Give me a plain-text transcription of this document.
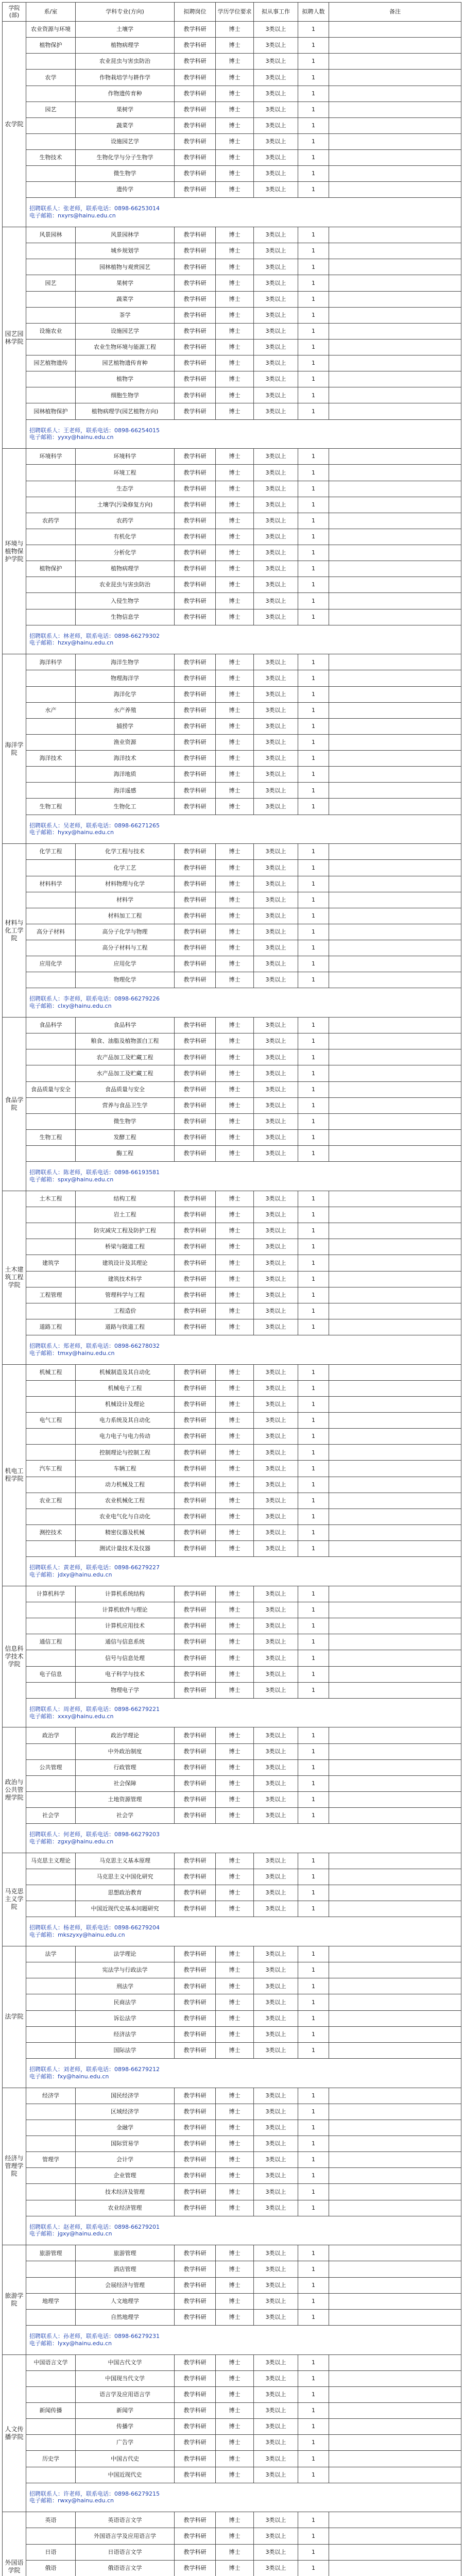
学院(部)	系/室	学科专业(方向)	拟聘岗位	学历学位要求	拟从事工作	拟聘人数	备注
农学院	农业资源与环境	土壤学	教学科研	博士	3类以上	1	
	植物保护	植物病理学	教学科研	博士	3类以上	1	
		农业昆虫与害虫防治	教学科研	博士	3类以上	1	
	农学	作物栽培学与耕作学	教学科研	博士	3类以上	1	
		作物遗传育种	教学科研	博士	3类以上	1	
	园艺	果树学	教学科研	博士	3类以上	1	
		蔬菜学	教学科研	博士	3类以上	1	
		设施园艺学	教学科研	博士	3类以上	1	
	生物技术	生物化学与分子生物学	教学科研	博士	3类以上	1	
		微生物学	教学科研	博士	3类以上	1	
		遗传学	教学科研	博士	3类以上	1	

	招聘联系人：张老师，联系电话：0898-66253014
电子邮箱：nxyrs@hainu.edu.cn						

园艺园林学院	风景园林	风景园林学	教学科研	博士	3类以上	1	
		城乡规划学	教学科研	博士	3类以上	1	
		园林植物与观赏园艺	教学科研	博士	3类以上	1	
	园艺	果树学	教学科研	博士	3类以上	1	
		蔬菜学	教学科研	博士	3类以上	1	
		茶学	教学科研	博士	3类以上	1	
	设施农业	设施园艺学	教学科研	博士	3类以上	1	
		农业生物环境与能源工程	教学科研	博士	3类以上	1	
	园艺植物遗传	园艺植物遗传育种	教学科研	博士	3类以上	1	
		植物学	教学科研	博士	3类以上	1	
		细胞生物学	教学科研	博士	3类以上	1	
	园林植物保护	植物病理学(园艺植物方向)	教学科研	博士	3类以上	1	

	招聘联系人：王老师，联系电话：0898-66254015
电子邮箱：yyxy@hainu.edu.cn						

环境与植物保护学院	环境科学	环境科学	教学科研	博士	3类以上	1	
		环境工程	教学科研	博士	3类以上	1	
		生态学	教学科研	博士	3类以上	1	
		土壤学(污染修复方向)	教学科研	博士	3类以上	1	
	农药学	农药学	教学科研	博士	3类以上	1	
		有机化学	教学科研	博士	3类以上	1	
		分析化学	教学科研	博士	3类以上	1	
	植物保护	植物病理学	教学科研	博士	3类以上	1	
		农业昆虫与害虫防治	教学科研	博士	3类以上	1	
		入侵生物学	教学科研	博士	3类以上	1	
		生物信息学	教学科研	博士	3类以上	1	

	招聘联系人：林老师，联系电话：0898-66279302
电子邮箱：hzxy@hainu.edu.cn						

海洋学院	海洋科学	海洋生物学	教学科研	博士	3类以上	1	
		物理海洋学	教学科研	博士	3类以上	1	
		海洋化学	教学科研	博士	3类以上	1	
	水产	水产养殖	教学科研	博士	3类以上	1	
		捕捞学	教学科研	博士	3类以上	1	
		渔业资源	教学科研	博士	3类以上	1	
	海洋技术	海洋技术	教学科研	博士	3类以上	1	
		海洋地质	教学科研	博士	3类以上	1	
		海洋遥感	教学科研	博士	3类以上	1	
	生物工程	生物化工	教学科研	博士	3类以上	1	

	招聘联系人：吴老师，联系电话：0898-66271265
电子邮箱：hyxy@hainu.edu.cn						

材料与化工学院	化学工程	化学工程与技术	教学科研	博士	3类以上	1	
		化学工艺	教学科研	博士	3类以上	1	
	材料科学	材料物理与化学	教学科研	博士	3类以上	1	
		材料学	教学科研	博士	3类以上	1	
		材料加工工程	教学科研	博士	3类以上	1	
	高分子材料	高分子化学与物理	教学科研	博士	3类以上	1	
		高分子材料与工程	教学科研	博士	3类以上	1	
	应用化学	应用化学	教学科研	博士	3类以上	1	
		物理化学	教学科研	博士	3类以上	1	

	招聘联系人：李老师，联系电话：0898-66279226
电子邮箱：clxy@hainu.edu.cn						

食品学院	食品科学	食品科学	教学科研	博士	3类以上	1	
		粮食、油脂及植物蛋白工程	教学科研	博士	3类以上	1	
		农产品加工及贮藏工程	教学科研	博士	3类以上	1	
		水产品加工及贮藏工程	教学科研	博士	3类以上	1	
	食品质量与安全	食品质量与安全	教学科研	博士	3类以上	1	
		营养与食品卫生学	教学科研	博士	3类以上	1	
		微生物学	教学科研	博士	3类以上	1	
	生物工程	发酵工程	教学科研	博士	3类以上	1	
		酶工程	教学科研	博士	3类以上	1	

	招聘联系人：陈老师，联系电话：0898-66193581
电子邮箱：spxy@hainu.edu.cn						

土木建筑工程学院	土木工程	结构工程	教学科研	博士	3类以上	1	
		岩土工程	教学科研	博士	3类以上	1	
		防灾减灾工程及防护工程	教学科研	博士	3类以上	1	
		桥梁与隧道工程	教学科研	博士	3类以上	1	
	建筑学	建筑设计及其理论	教学科研	博士	3类以上	1	
		建筑技术科学	教学科研	博士	3类以上	1	
	工程管理	管理科学与工程	教学科研	博士	3类以上	1	
		工程造价	教学科研	博士	3类以上	1	
	道路工程	道路与铁道工程	教学科研	博士	3类以上	1	

	招聘联系人：郑老师，联系电话：0898-66278032
电子邮箱：tmxy@hainu.edu.cn						

机电工程学院	机械工程	机械制造及其自动化	教学科研	博士	3类以上	1	
		机械电子工程	教学科研	博士	3类以上	1	
		机械设计及理论	教学科研	博士	3类以上	1	
	电气工程	电力系统及其自动化	教学科研	博士	3类以上	1	
		电力电子与电力传动	教学科研	博士	3类以上	1	
		控制理论与控制工程	教学科研	博士	3类以上	1	
	汽车工程	车辆工程	教学科研	博士	3类以上	1	
		动力机械及工程	教学科研	博士	3类以上	1	
	农业工程	农业机械化工程	教学科研	博士	3类以上	1	
		农业电气化与自动化	教学科研	博士	3类以上	1	
	测控技术	精密仪器及机械	教学科研	博士	3类以上	1	
		测试计量技术及仪器	教学科研	博士	3类以上	1	

	招聘联系人：黄老师，联系电话：0898-66279227
电子邮箱：jdxy@hainu.edu.cn						

信息科学技术学院	计算机科学	计算机系统结构	教学科研	博士	3类以上	1	
		计算机软件与理论	教学科研	博士	3类以上	1	
		计算机应用技术	教学科研	博士	3类以上	1	
	通信工程	通信与信息系统	教学科研	博士	3类以上	1	
		信号与信息处理	教学科研	博士	3类以上	1	
	电子信息	电子科学与技术	教学科研	博士	3类以上	1	
		物理电子学	教学科研	博士	3类以上	1	

	招聘联系人：周老师，联系电话：0898-66279221
电子邮箱：xxxy@hainu.edu.cn						

政治与公共管理学院	政治学	政治学理论	教学科研	博士	3类以上	1	
		中外政治制度	教学科研	博士	3类以上	1	
	公共管理	行政管理	教学科研	博士	3类以上	1	
		社会保障	教学科研	博士	3类以上	1	
		土地资源管理	教学科研	博士	3类以上	1	
	社会学	社会学	教学科研	博士	3类以上	1	

	招聘联系人：何老师，联系电话：0898-66279203
电子邮箱：zgxy@hainu.edu.cn						

马克思主义学院	马克思主义理论	马克思主义基本原理	教学科研	博士	3类以上	1	
		马克思主义中国化研究	教学科研	博士	3类以上	1	
		思想政治教育	教学科研	博士	3类以上	1	
		中国近现代史基本问题研究	教学科研	博士	3类以上	1	

	招聘联系人：杨老师，联系电话：0898-66279204
电子邮箱：mkszyxy@hainu.edu.cn						

法学院	法学	法学理论	教学科研	博士	3类以上	1	
		宪法学与行政法学	教学科研	博士	3类以上	1	
		刑法学	教学科研	博士	3类以上	1	
		民商法学	教学科研	博士	3类以上	1	
		诉讼法学	教学科研	博士	3类以上	1	
		经济法学	教学科研	博士	3类以上	1	
		国际法学	教学科研	博士	3类以上	1	

	招聘联系人：刘老师，联系电话：0898-66279212
电子邮箱：fxy@hainu.edu.cn						

经济与管理学院	经济学	国民经济学	教学科研	博士	3类以上	1	
		区域经济学	教学科研	博士	3类以上	1	
		金融学	教学科研	博士	3类以上	1	
		国际贸易学	教学科研	博士	3类以上	1	
	管理学	会计学	教学科研	博士	3类以上	1	
		企业管理	教学科研	博士	3类以上	1	
		技术经济及管理	教学科研	博士	3类以上	1	
		农业经济管理	教学科研	博士	3类以上	1	

	招聘联系人：赵老师，联系电话：0898-66279201
电子邮箱：jgxy@hainu.edu.cn						

旅游学院	旅游管理	旅游管理	教学科研	博士	3类以上	1	
		酒店管理	教学科研	博士	3类以上	1	
		会展经济与管理	教学科研	博士	3类以上	1	
	地理学	人文地理学	教学科研	博士	3类以上	1	
		自然地理学	教学科研	博士	3类以上	1	

	招聘联系人：孙老师，联系电话：0898-66279231
电子邮箱：lyxy@hainu.edu.cn						

人文传播学院	中国语言文学	中国古代文学	教学科研	博士	3类以上	1	
		中国现当代文学	教学科研	博士	3类以上	1	
		语言学及应用语言学	教学科研	博士	3类以上	1	
	新闻传播	新闻学	教学科研	博士	3类以上	1	
		传播学	教学科研	博士	3类以上	1	
		广告学	教学科研	博士	3类以上	1	
	历史学	中国古代史	教学科研	博士	3类以上	1	
		中国近现代史	教学科研	博士	3类以上	1	

	招聘联系人：许老师，联系电话：0898-66279215
电子邮箱：rwxy@hainu.edu.cn						

外国语学院	英语	英语语言文学	教学科研	博士	3类以上	1	
		外国语言学及应用语言学	教学科研	博士	3类以上	1	
	日语	日语语言文学	教学科研	博士	3类以上	1	
	俄语	俄语语言文学	教学科研	博士	3类以上	1	
